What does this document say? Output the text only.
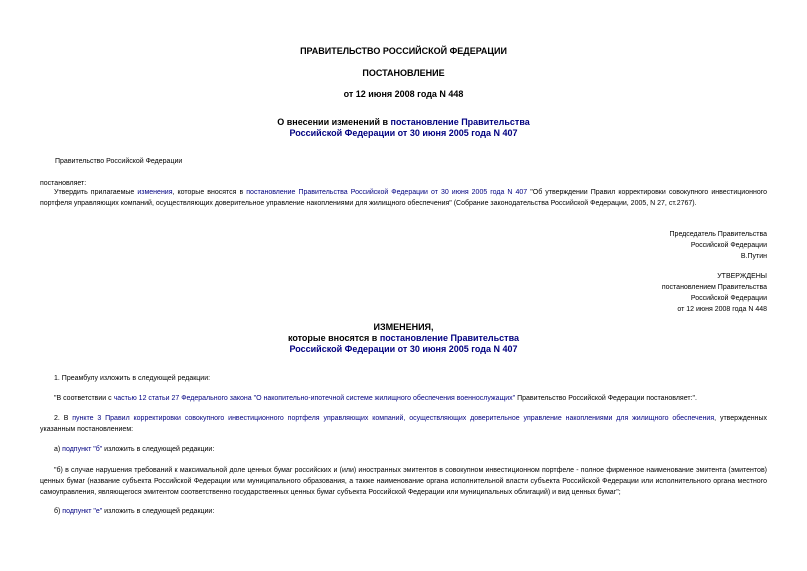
ПРАВИТЕЛЬСТВО РОССИЙСКОЙ ФЕДЕРАЦИИ
ПОСТАНОВЛЕНИЕ
от 12 июня 2008 года N 448
О внесении изменений в постановление Правительства
Российской Федерации от 30 июня 2005 года N 407
Правительство Российской Федерации
постановляет:
Утвердить прилагаемые изменения, которые вносятся в постановление Правительства Российской Федерации от 30 июня 2005 года N 407 "Об утверждении Правил корректировки совокупного инвестиционного портфеля управляющих компаний, осуществляющих доверительное управление накоплениями для жилищного обеспечения" (Собрание законодательства Российской Федерации, 2005, N 27, ст.2767).
Председатель Правительства
Российской Федерации
В.Путин
УТВЕРЖДЕНЫ
постановлением Правительства
Российской Федерации
от 12 июня 2008 года N 448
ИЗМЕНЕНИЯ,
которые вносятся в постановление Правительства
Российской Федерации от 30 июня 2005 года N 407
1. Преамбулу изложить в следующей редакции:
"В соответствии с частью 12 статьи 27 Федерального закона "О накопительно-ипотечной системе жилищного обеспечения военнослужащих" Правительство Российской Федерации постановляет:".
2. В пункте 3 Правил корректировки совокупного инвестиционного портфеля управляющих компаний, осуществляющих доверительное управление накоплениями для жилищного обеспечения, утвержденных указанным постановлением:
а) подпункт "б" изложить в следующей редакции:
"б) в случае нарушения требований к максимальной доле ценных бумаг российских и (или) иностранных эмитентов в совокупном инвестиционном портфеле - полное фирменное наименование эмитента (эмитентов) ценных бумаг (название субъекта Российской Федерации или муниципального образования, а также наименование органа исполнительной власти субъекта Российской Федерации или исполнительного органа местного самоуправления, являющегося эмитентом соответственно государственных ценных бумаг субъекта Российской Федерации или муниципальных облигаций) и вид ценных бумаг";
б) подпункт "е" изложить в следующей редакции:
